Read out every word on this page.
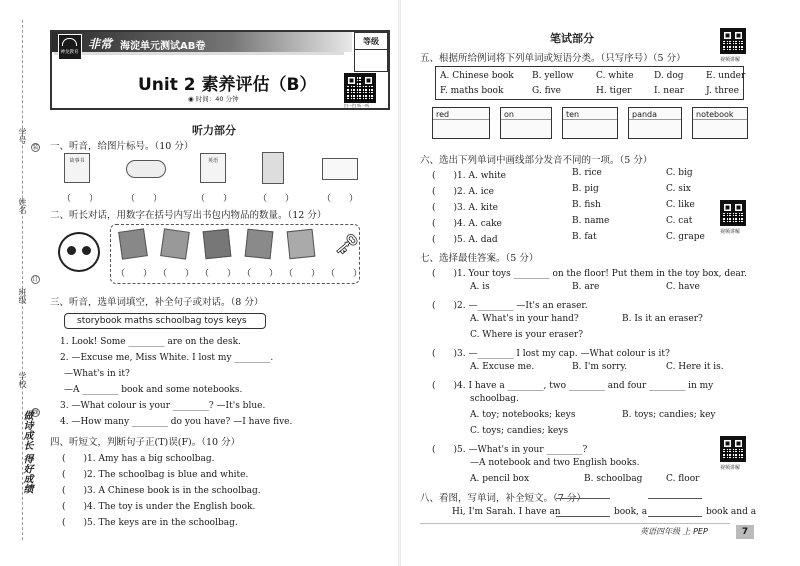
学号
姓名
班级
学校
装
订
线
做诗成长 得好成绩
神龙教育
非常 海淀单元测试AB卷	等级
Unit 2 素养评估（B）
◉ 时间：40 分钟
扫一扫 听一听
听力部分
一、听音，给图片标号。（10 分）
故事书	英语
（　　）	（　　）	（　　）	（　　）	（　　）
二、听长对话，用数字在括号内写出书包内物品的数量。（12 分）
🗝
（　　） （　　） （　　） （　　） （　　） （　　）
三、听音，选单词填空，补全句子或对话。（8 分）
storybook maths schoolbag toys keys
1. Look! Some ________ are on the desk.
2. —Excuse me, Miss White. I lost my ________.
—What's in it?
—A ________ book and some notebooks.
3. —What colour is your ________? —It's blue.
4. —How many ________ do you have? —I have five.
四、听短文，判断句子正(T)误(F)。（10 分）
(　　)1. Amy has a big schoolbag.
(　　)2. The schoolbag is blue and white.
(　　)3. A Chinese book is in the schoolbag.
(　　)4. The toy is under the English book.
(　　)5. The keys are in the schoolbag.
笔试部分
五、根据所给例词将下列单词或短语分类。（只写序号）（5 分）	视频讲解
A. Chinese book B. yellow C. white D. dog E. under
F. maths book	G. five	H. tiger	I. near J. three
red	on	ten	panda	notebook
六、选出下列单词中画线部分发音不同的一项。（5 分）
(　　)1. A. white	B. rice	C. big
(　　)2. A. ice	B. pig	C. six
(　　)3. A. kite	B. fish	C. like
(　　)4. A. cake	B. name	C. cat
(　　)5. A. dad	B. fat	C. grape	视频讲解
七、选择最佳答案。（5 分）
(　　)1. Your toys ________ on the floor! Put them in the toy box, dear.
A. is	B. are	C. have
(　　)2. —________ —It's an eraser.
A. What's in your hand?	B. Is it an eraser?
C. Where is your eraser?
(　　)3. —________ I lost my cap. —What colour is it?
A. Excuse me.	B. I'm sorry.	C. Here it is.
(　　)4. I have a ________, two ________ and four ________ in my
schoolbag.
A. toy; notebooks; keys	B. toys; candies; key
C. toys; candies; keys
(　　)5. —What's in your ________?
—A notebook and two English books.
A. pencil box	B. schoolbag	C. floor
视频讲解
八、看图，写单词，补全短文。（7 分）
Hi, I'm Sarah. I have an	book, a	book and a
英语四年级 上 PEP	7
